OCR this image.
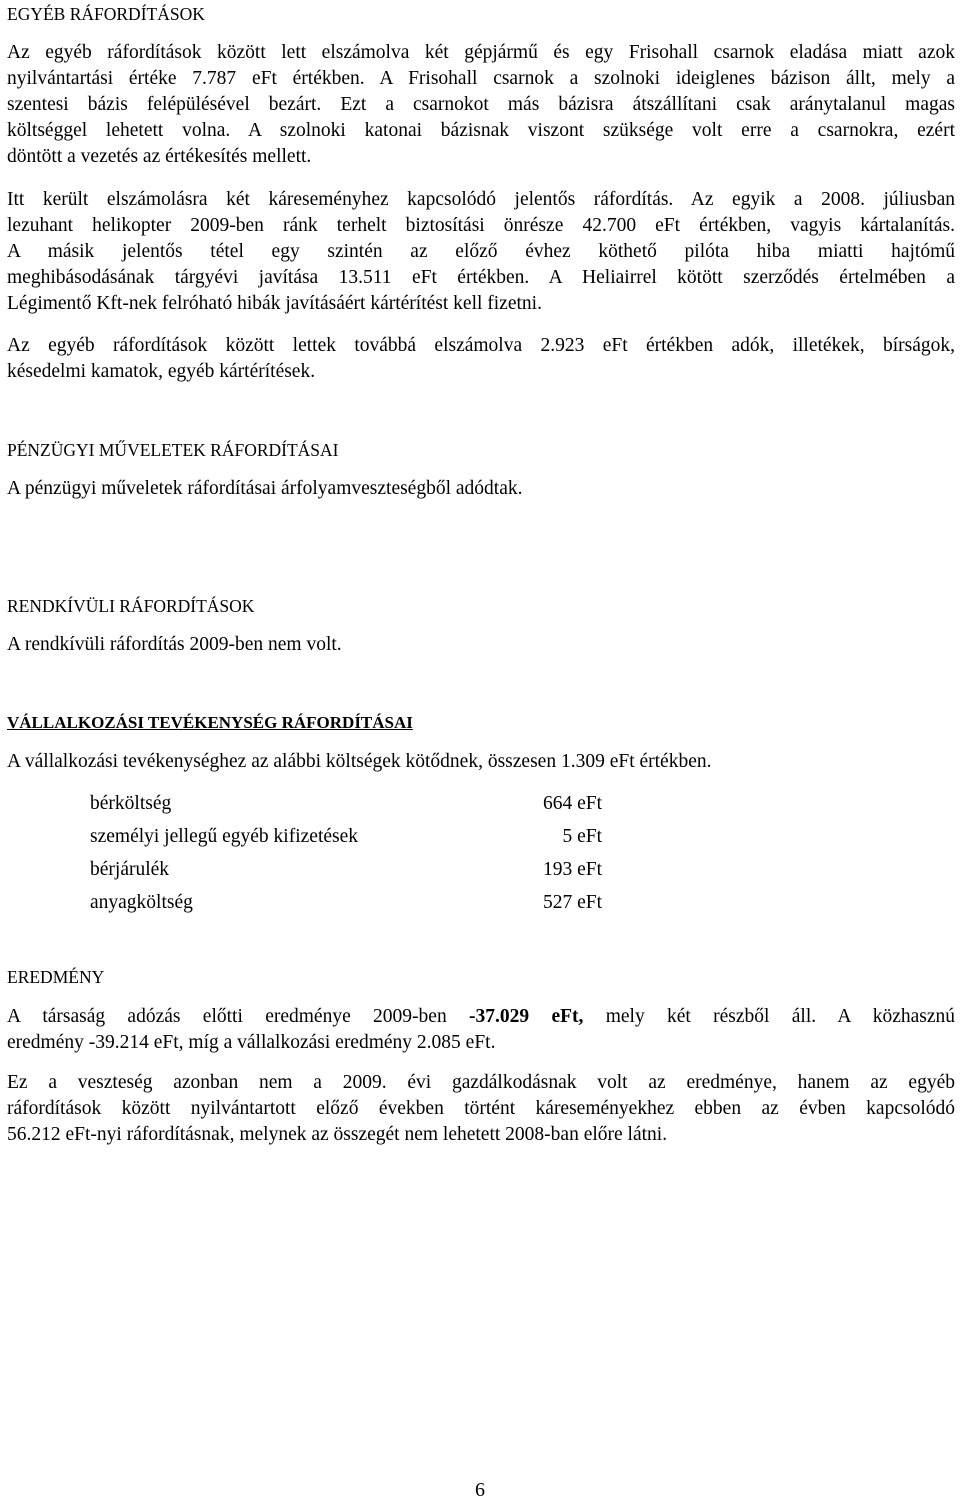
EGYÉB RÁFORDÍTÁSOK
Az egyéb ráfordítások között lett elszámolva két gépjármű és egy Frisohall csarnok eladása miatt azok
nyilvántartási értéke 7.787 eFt értékben. A Frisohall csarnok a szolnoki ideiglenes bázison állt, mely a
szentesi bázis felépülésével bezárt. Ezt a csarnokot más bázisra átszállítani csak aránytalanul magas
költséggel lehetett volna. A szolnoki katonai bázisnak viszont szüksége volt erre a csarnokra, ezért
döntött a vezetés az értékesítés mellett.
Itt került elszámolásra két káreseményhez kapcsolódó jelentős ráfordítás. Az egyik a 2008. júliusban
lezuhant helikopter 2009-ben ránk terhelt biztosítási önrésze 42.700 eFt értékben, vagyis kártalanítás.
A másik jelentős tétel egy szintén az előző évhez köthető pilóta hiba miatti hajtómű
meghibásodásának tárgyévi javítása 13.511 eFt értékben. A Heliairrel kötött szerződés értelmében a
Légimentő Kft-nek felróható hibák javításáért kártérítést kell fizetni.
Az egyéb ráfordítások között lettek továbbá elszámolva 2.923 eFt értékben adók, illetékek, bírságok,
késedelmi kamatok, egyéb kártérítések.
PÉNZÜGYI MŰVELETEK RÁFORDÍTÁSAI
A pénzügyi műveletek ráfordításai árfolyamveszteségből adódtak.
RENDKÍVÜLI RÁFORDÍTÁSOK
A rendkívüli ráfordítás 2009-ben nem volt.
VÁLLALKOZÁSI TEVÉKENYSÉG RÁFORDÍTÁSAI
A vállalkozási tevékenységhez az alábbi költségek kötődnek, összesen 1.309 eFt értékben.
bérköltség	664 eFt
személyi jellegű egyéb kifizetések	5 eFt
bérjárulék	193 eFt
anyagköltség	527 eFt
EREDMÉNY
A társaság adózás előtti eredménye 2009-ben -37.029 eFt, mely két részből áll. A közhasznú
eredmény -39.214 eFt, míg a vállalkozási eredmény 2.085 eFt.
Ez a veszteség azonban nem a 2009. évi gazdálkodásnak volt az eredménye, hanem az egyéb
ráfordítások között nyilvántartott előző években történt káreseményekhez ebben az évben kapcsolódó
56.212 eFt-nyi ráfordításnak, melynek az összegét nem lehetett 2008-ban előre látni.
6
